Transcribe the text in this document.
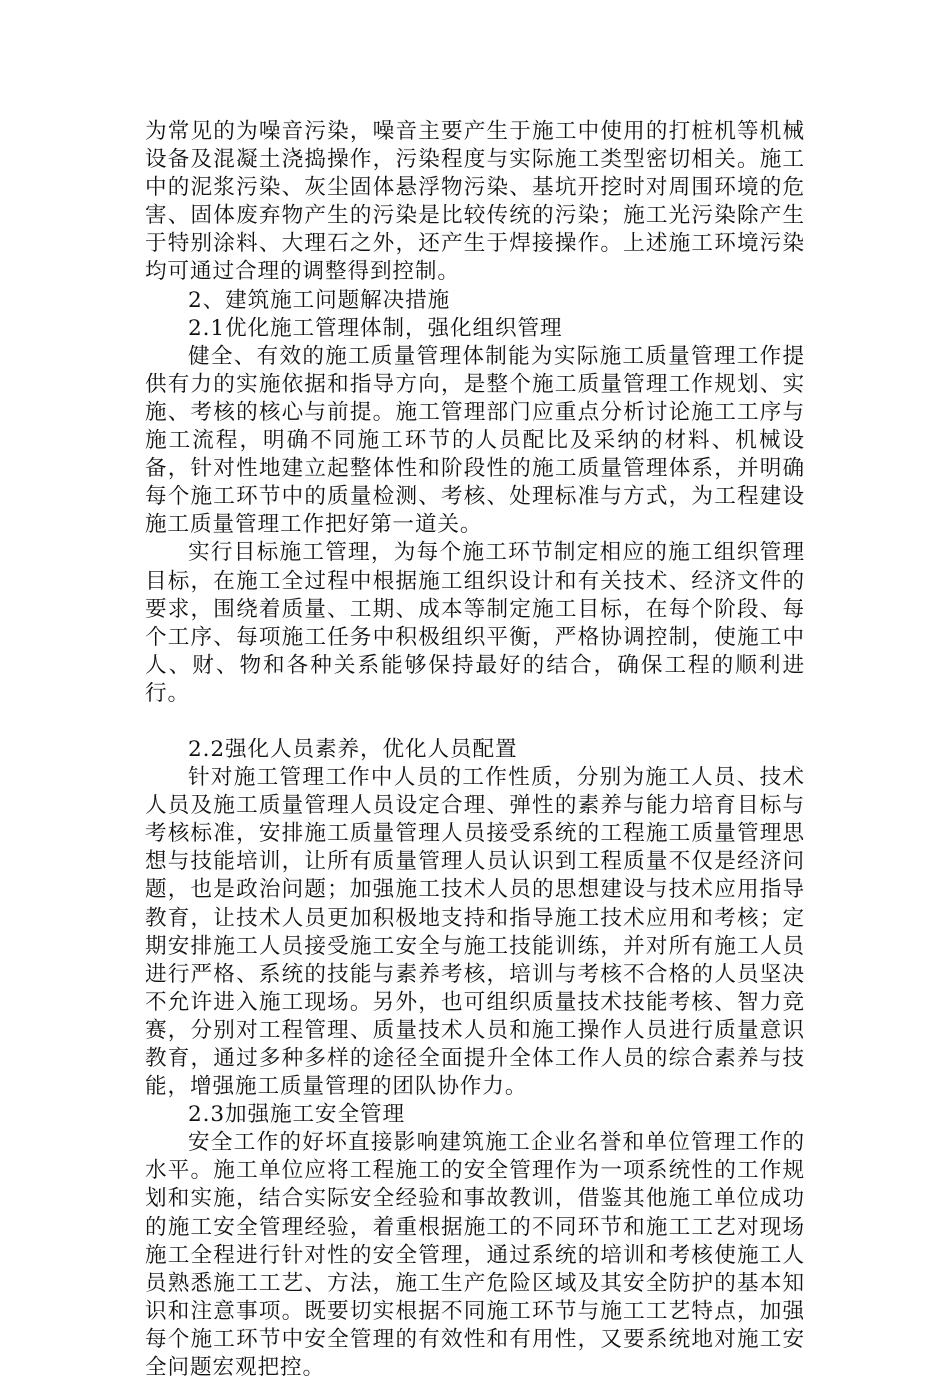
为常见的为噪音污染，噪音主要产生于施工中使用的打桩机等机械设备及混凝土浇捣操作，污染程度与实际施工类型密切相关。施工中的泥浆污染、灰尘固体悬浮物污染、基坑开挖时对周围环境的危害、固体废弃物产生的污染是比较传统的污染；施工光污染除产生于特别涂料、大理石之外，还产生于焊接操作。上述施工环境污染均可通过合理的调整得到控制。

2、建筑施工问题解决措施

2.1优化施工管理体制，强化组织管理

健全、有效的施工质量管理体制能为实际施工质量管理工作提供有力的实施依据和指导方向，是整个施工质量管理工作规划、实施、考核的核心与前提。施工管理部门应重点分析讨论施工工序与施工流程，明确不同施工环节的人员配比及采纳的材料、机械设备，针对性地建立起整体性和阶段性的施工质量管理体系，并明确每个施工环节中的质量检测、考核、处理标准与方式，为工程建设施工质量管理工作把好第一道关。

实行目标施工管理，为每个施工环节制定相应的施工组织管理目标，在施工全过程中根据施工组织设计和有关技术、经济文件的要求，围绕着质量、工期、成本等制定施工目标，在每个阶段、每个工序、每项施工任务中积极组织平衡，严格协调控制，使施工中人、财、物和各种关系能够保持最好的结合，确保工程的顺利进行。

2.2强化人员素养，优化人员配置

针对施工管理工作中人员的工作性质，分别为施工人员、技术人员及施工质量管理人员设定合理、弹性的素养与能力培育目标与考核标准，安排施工质量管理人员接受系统的工程施工质量管理思想与技能培训，让所有质量管理人员认识到工程质量不仅是经济问题，也是政治问题；加强施工技术人员的思想建设与技术应用指导教育，让技术人员更加积极地支持和指导施工技术应用和考核；定期安排施工人员接受施工安全与施工技能训练，并对所有施工人员进行严格、系统的技能与素养考核，培训与考核不合格的人员坚决不允许进入施工现场。另外，也可组织质量技术技能考核、智力竞赛，分别对工程管理、质量技术人员和施工操作人员进行质量意识教育，通过多种多样的途径全面提升全体工作人员的综合素养与技能，增强施工质量管理的团队协作力。

2.3加强施工安全管理

安全工作的好坏直接影响建筑施工企业名誉和单位管理工作的水平。施工单位应将工程施工的安全管理作为一项系统性的工作规划和实施，结合实际安全经验和事故教训，借鉴其他施工单位成功的施工安全管理经验，着重根据施工的不同环节和施工工艺对现场施工全程进行针对性的安全管理，通过系统的培训和考核使施工人员熟悉施工工艺、方法，施工生产危险区域及其安全防护的基本知识和注意事项。既要切实根据不同施工环节与施工工艺特点，加强每个施工环节中安全管理的有效性和有用性，又要系统地对施工安全问题宏观把控。
